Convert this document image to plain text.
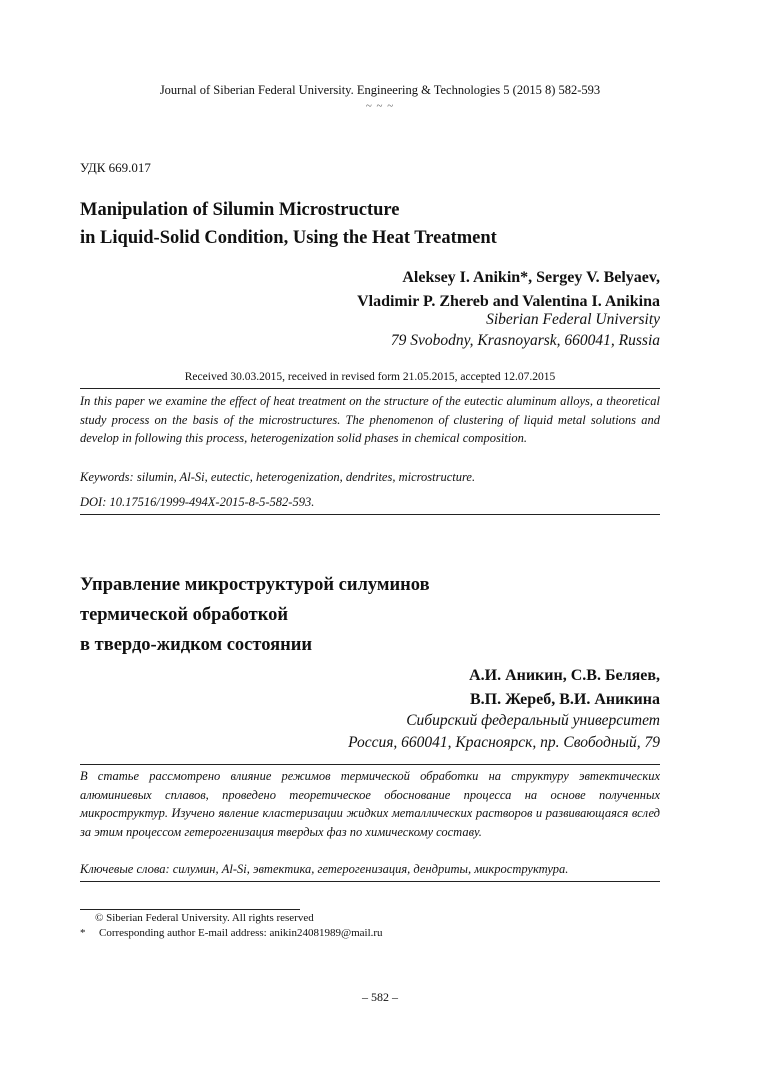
Journal of Siberian Federal University. Engineering & Technologies 5 (2015 8) 582-593
~ ~ ~
УДК 669.017
Manipulation of Silumin Microstructure
in Liquid-Solid Condition, Using the Heat Treatment
Aleksey I. Anikin*, Sergey V. Belyaev,
Vladimir P. Zhereb and Valentina I. Anikina
Siberian Federal University
79 Svobodny, Krasnoyarsk, 660041, Russia
Received 30.03.2015, received in revised form 21.05.2015, accepted 12.07.2015
In this paper we examine the effect of heat treatment on the structure of the eutectic aluminum alloys, a theoretical study process on the basis of the microstructures. The phenomenon of clustering of liquid metal solutions and develop in following this process, heterogenization solid phases in chemical composition.
Keywords: silumin, Al-Si, eutectic, heterogenization, dendrites, microstructure.
DOI: 10.17516/1999-494X-2015-8-5-582-593.
Управление микроструктурой силуминов
термической обработкой
в твердо-жидком состоянии
А.И. Аникин, С.В. Беляев,
В.П. Жереб, В.И. Аникина
Сибирский федеральный университет
Россия, 660041, Красноярск, пр. Свободный, 79
В статье рассмотрено влияние режимов термической обработки на структуру эвтектических алюминиевых сплавов, проведено теоретическое обоснование процесса на основе полученных микроструктур. Изучено явление кластеризации жидких металлических растворов и развивающаяся вслед за этим процессом гетерогенизация твердых фаз по химическому составу.
Ключевые слова: силумин, Al-Si, эвтектика, гетерогенизация, дендриты, микроструктура.
© Siberian Federal University. All rights reserved
* Corresponding author E-mail address: anikin24081989@mail.ru
– 582 –
